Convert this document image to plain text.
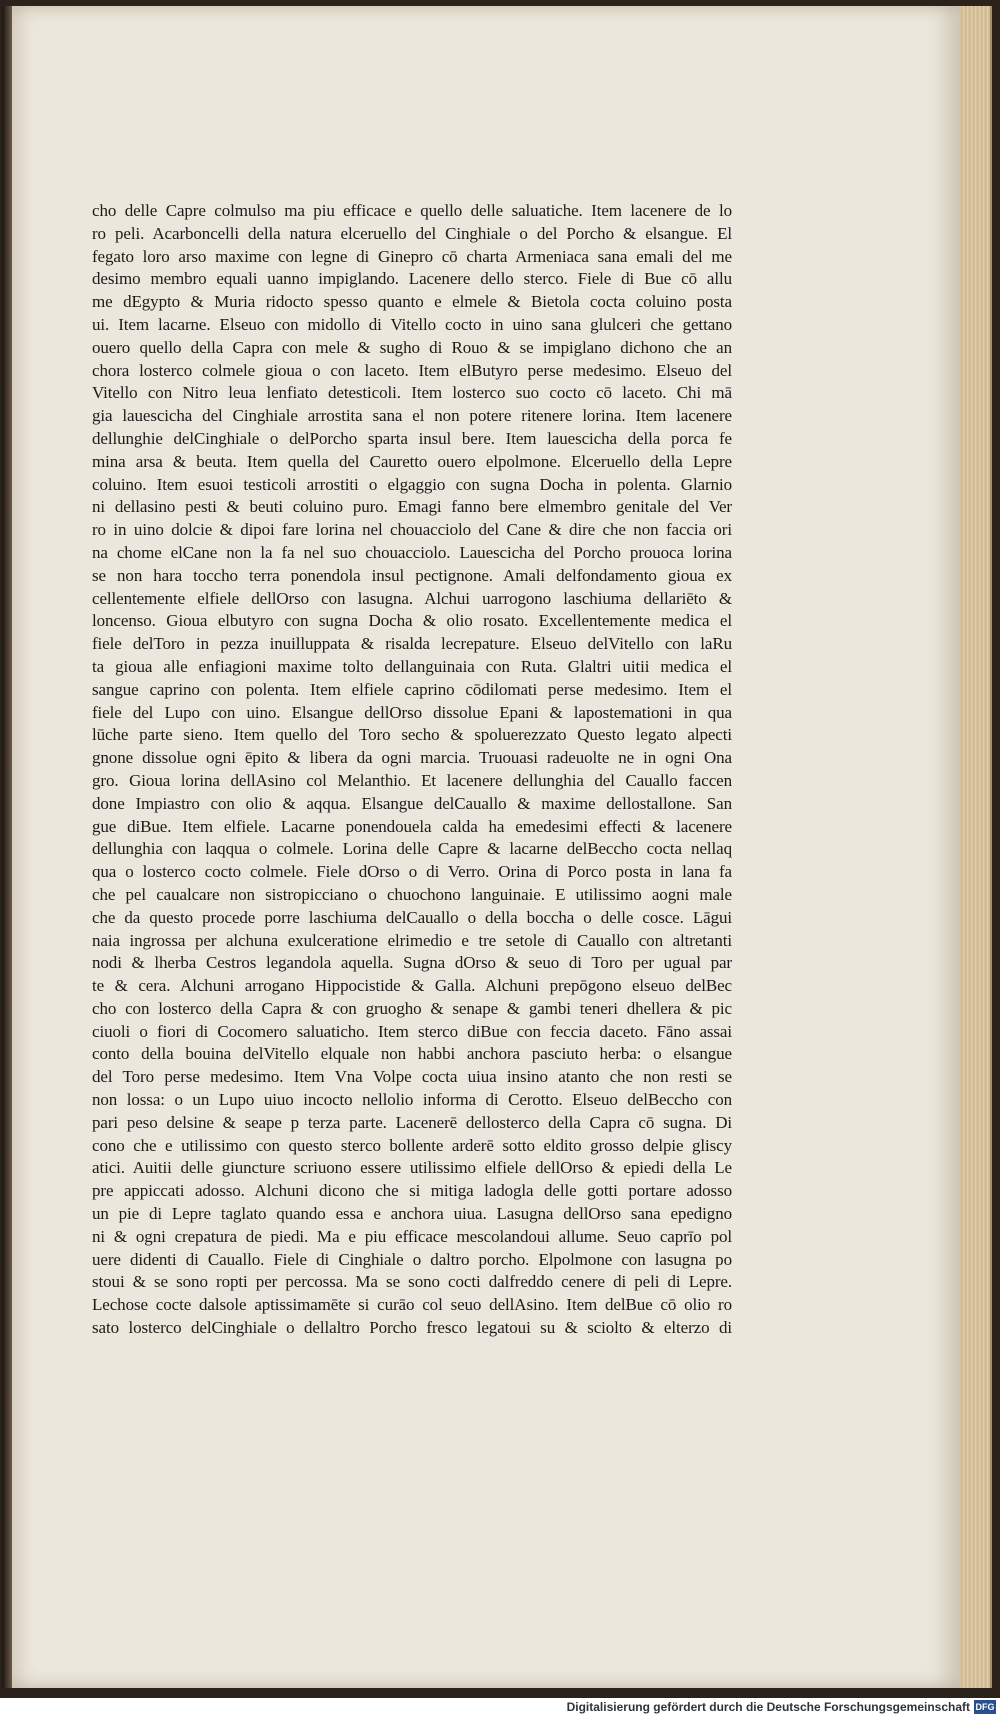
cho delle Capre colmulso ma piu efficace e quello delle saluatiche. Item lacenere de lo
ro peli. Acarboncelli della natura elceruello del Cinghiale o del Porcho & elsangue. El
fegato loro arso maxime con legne di Ginepro cō charta Armeniaca sana emali del me
desimo membro equali uanno impiglando. Lacenere dello sterco. Fiele di Bue cō allu
me dEgypto & Muria ridocto spesso quanto e elmele & Bietola cocta coluino posta
ui. Item lacarne. Elseuo con midollo di Vitello cocto in uino sana glulceri che gettano
ouero quello della Capra con mele & sugho di Rouo & se impiglano dichono che an
chora losterco colmele gioua o con laceto. Item elButyro perse medesimo. Elseuo del
Vitello con Nitro leua lenfiato detesticoli. Item losterco suo cocto cō laceto. Chi mā
gia lauescicha del Cinghiale arrostita sana el non potere ritenere lorina. Item lacenere
dellunghie delCinghiale o delPorcho sparta insul bere. Item lauescicha della porca fe
mina arsa & beuta. Item quella del Cauretto ouero elpolmone. Elceruello della Lepre
coluino. Item esuoi testicoli arrostiti o elgaggio con sugna Docha in polenta. Glarnio
ni dellasino pesti & beuti coluino puro. Emagi fanno bere elmembro genitale del Ver
ro in uino dolcie & dipoi fare lorina nel chouacciolo del Cane & dire che non faccia ori
na chome elCane non la fa nel suo chouacciolo. Lauescicha del Porcho prouoca lorina
se non hara toccho terra ponendola insul pectignone. Amali delfondamento gioua ex
cellentemente elfiele dellOrso con lasugna. Alchui uarrogono laschiuma dellariēto &
loncenso. Gioua elbutyro con sugna Docha & olio rosato. Excellentemente medica el
fiele delToro in pezza inuilluppata & risalda lecrepature. Elseuo delVitello con laRu
ta gioua alle enfiagioni maxime tolto dellanguinaia con Ruta. Glaltri uitii medica el
sangue caprino con polenta. Item elfiele caprino cōdilomati perse medesimo. Item el
fiele del Lupo con uino. Elsangue dellOrso dissolue Epani & lapostemationi in qua
lūche parte sieno. Item quello del Toro secho & spoluerezzato Questo legato alpecti
gnone dissolue ogni ēpito & libera da ogni marcia. Truouasi radeuolte ne in ogni Ona
gro. Gioua lorina dellAsino col Melanthio. Et lacenere dellunghia del Cauallo faccen
done Impiastro con olio & aqqua. Elsangue delCauallo & maxime dellostallone. San
gue diBue. Item elfiele. Lacarne ponendouela calda ha emedesimi effecti & lacenere
dellunghia con laqqua o colmele. Lorina delle Capre & lacarne delBeccho cocta nellaq
qua o losterco cocto colmele. Fiele dOrso o di Verro. Orina di Porco posta in lana fa
che pel caualcare non sistropicciano o chuochono languinaie. E utilissimo aogni male
che da questo procede porre laschiuma delCauallo o della boccha o delle cosce. Lāgui
naia ingrossa per alchuna exulceratione elrimedio e tre setole di Cauallo con altretanti
nodi & lherba Cestros legandola aquella. Sugna dOrso & seuo di Toro per ugual par
te & cera. Alchuni arrogano Hippocistide & Galla. Alchuni prepōgono elseuo delBec
cho con losterco della Capra & con gruogho & senape & gambi teneri dhellera & pic
ciuoli o fiori di Cocomero saluaticho. Item sterco diBue con feccia daceto. Fāno assai
conto della bouina delVitello elquale non habbi anchora pasciuto herba: o elsangue
del Toro perse medesimo. Item Vna Volpe cocta uiua insino atanto che non resti se
non lossa: o un Lupo uiuo incocto nellolio informa di Cerotto. Elseuo delBeccho con
pari peso delsine & seape p terza parte. Lacenerē dellosterco della Capra cō sugna. Di
cono che e utilissimo con questo sterco bollente arderē sotto eldito grosso delpie gliscy
atici. Auitii delle giuncture scriuono essere utilissimo elfiele dellOrso & epiedi della Le
pre appiccati adosso. Alchuni dicono che si mitiga ladogla delle gotti portare adosso
un pie di Lepre taglato quando essa e anchora uiua. Lasugna dellOrso sana epedigno
ni & ogni crepatura de piedi. Ma e piu efficace mescolandoui allume. Seuo caprīo pol
uere didenti di Cauallo. Fiele di Cinghiale o daltro porcho. Elpolmone con lasugna po
stoui & se sono ropti per percossa. Ma se sono cocti dalfreddo cenere di peli di Lepre.
Lechose cocte dalsole aptissimamēte si curāo col seuo dellAsino. Item delBue cō olio ro
sato losterco delCinghiale o dellaltro Porcho fresco legatoui su & sciolto & elterzo di
Digitalisierung gefördert durch die Deutsche Forschungsgemeinschaft DFG
